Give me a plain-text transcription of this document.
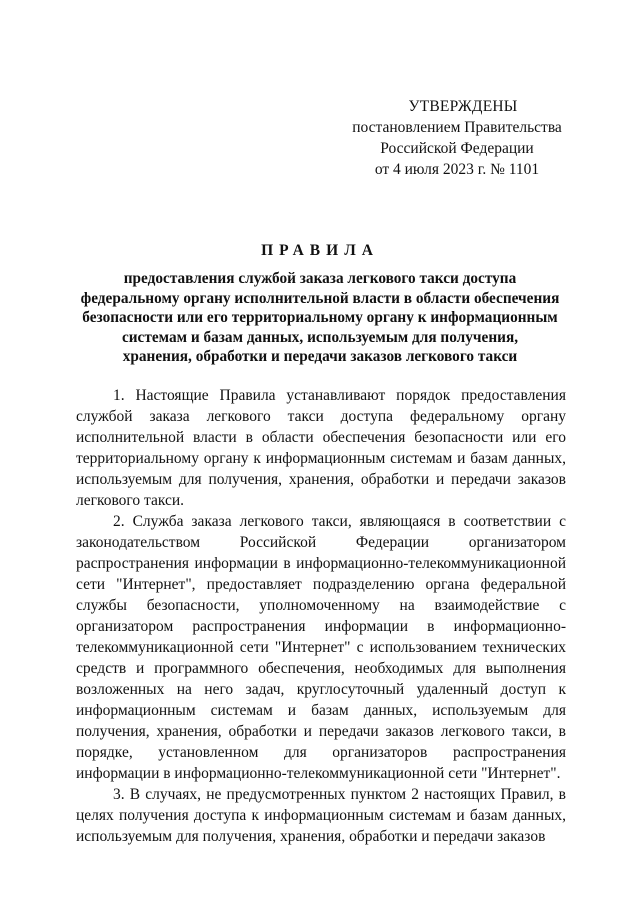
УТВЕРЖДЕНЫ
постановлением Правительства
Российской Федерации
от 4 июля 2023 г. № 1101
ПРАВИЛА
предоставления службой заказа легкового такси доступа
федеральному органу исполнительной власти в области обеспечения
безопасности или его территориальному органу к информационным
системам и базам данных, используемым для получения,
хранения, обработки и передачи заказов легкового такси

1. Настоящие Правила устанавливают порядок предоставления службой заказа легкового такси доступа федеральному органу исполнительной власти в области обеспечения безопасности или его территориальному органу к информационным системам и базам данных, используемым для получения, хранения, обработки и передачи заказов легкового такси.

2. Служба заказа легкового такси, являющаяся в соответствии с законодательством Российской Федерации организатором распространения информации в информационно-телекоммуникационной сети "Интернет", предоставляет подразделению органа федеральной службы безопасности, уполномоченному на взаимодействие с организатором распространения информации в информационно-телекоммуникационной сети "Интернет" с использованием технических средств и программного обеспечения, необходимых для выполнения возложенных на него задач, круглосуточный удаленный доступ к информационным системам и базам данных, используемым для получения, хранения, обработки и передачи заказов легкового такси, в порядке, установленном для организаторов распространения информации в информационно-телекоммуникационной сети "Интернет".

3. В случаях, не предусмотренных пунктом 2 настоящих Правил, в целях получения доступа к информационным системам и базам данных, используемым для получения, хранения, обработки и передачи заказов
